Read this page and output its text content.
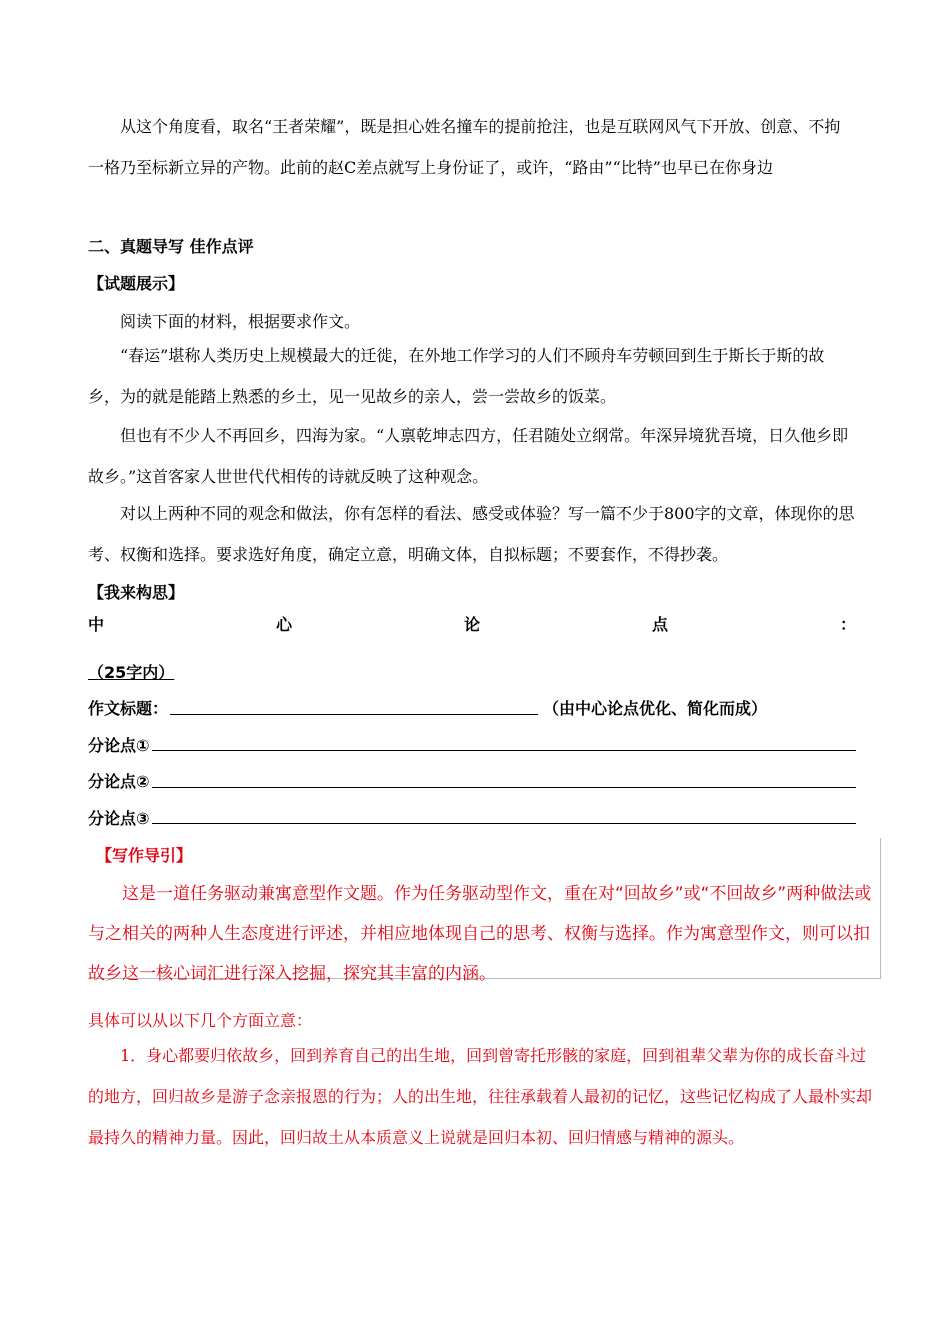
从这个角度看，取名“王者荣耀”，既是担心姓名撞车的提前抢注，也是互联网风气下开放、创意、不拘一格乃至标新立异的产物。此前的赵C差点就写上身份证了，或许，“路由”“比特”也早已在你身边

二、真题导写 佳作点评

【试题展示】

阅读下面的材料，根据要求作文。

“春运”堪称人类历史上规模最大的迁徙，在外地工作学习的人们不顾舟车劳顿回到生于斯长于斯的故乡，为的就是能踏上熟悉的乡土，见一见故乡的亲人，尝一尝故乡的饭菜。

但也有不少人不再回乡，四海为家。“人禀乾坤志四方，任君随处立纲常。年深异境犹吾境，日久他乡即故乡。”这首客家人世世代代相传的诗就反映了这种观念。

对以上两种不同的观念和做法，你有怎样的看法、感受或体验？写一篇不少于800字的文章，体现你的思考、权衡和选择。要求选好角度，确定立意，明确文体，自拟标题；不要套作，不得抄袭。

【我来构思】

中	心	论	点	：
（25字内）
作文标题：	（由中心论点优化、简化而成）
分论点①
分论点②
分论点③
【写作导引】

这是一道任务驱动兼寓意型作文题。作为任务驱动型作文，重在对“回故乡”或“不回故乡”两种做法或与之相关的两种人生态度进行评述，并相应地体现自己的思考、权衡与选择。作为寓意型作文，则可以扣故乡这一核心词汇进行深入挖掘，探究其丰富的内涵。

具体可以从以下几个方面立意：

1．身心都要归依故乡，回到养育自己的出生地，回到曾寄托形骸的家庭，回到祖辈父辈为你的成长奋斗过的地方，回归故乡是游子念亲报恩的行为；人的出生地，往往承载着人最初的记忆，这些记忆构成了人最朴实却最持久的精神力量。因此，回归故土从本质意义上说就是回归本初、回归情感与精神的源头。
